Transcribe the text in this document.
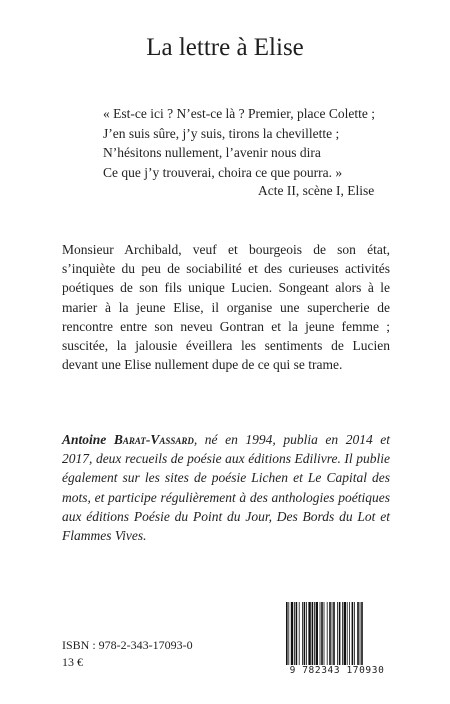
La lettre à Elise
« Est-ce ici ? N’est-ce là ? Premier, place Colette ;
J’en suis sûre, j’y suis, tirons la chevillette ;
N’hésitons nullement, l’avenir nous dira
Ce que j’y trouverai, choira ce que pourra. »
Acte II, scène I, Elise
Monsieur Archibald, veuf et bourgeois de son état, s’inquiète du peu de sociabilité et des curieuses activités poétiques de son fils unique Lucien. Songeant alors à le marier à la jeune Elise, il organise une supercherie de rencontre entre son neveu Gontran et la jeune femme ; suscitée, la jalousie éveillera les sentiments de Lucien devant une Elise nullement dupe de ce qui se trame.
Antoine Barat-Vassard, né en 1994, publia en 2014 et 2017, deux recueils de poésie aux éditions Edilivre. Il publie également sur les sites de poésie Lichen et Le Capital des mots, et participe régulièrement à des anthologies poétiques aux éditions Poésie du Point du Jour, Des Bords du Lot et Flammes Vives.
ISBN : 978-2-343-17093-0
13 €
9 782343 170930
